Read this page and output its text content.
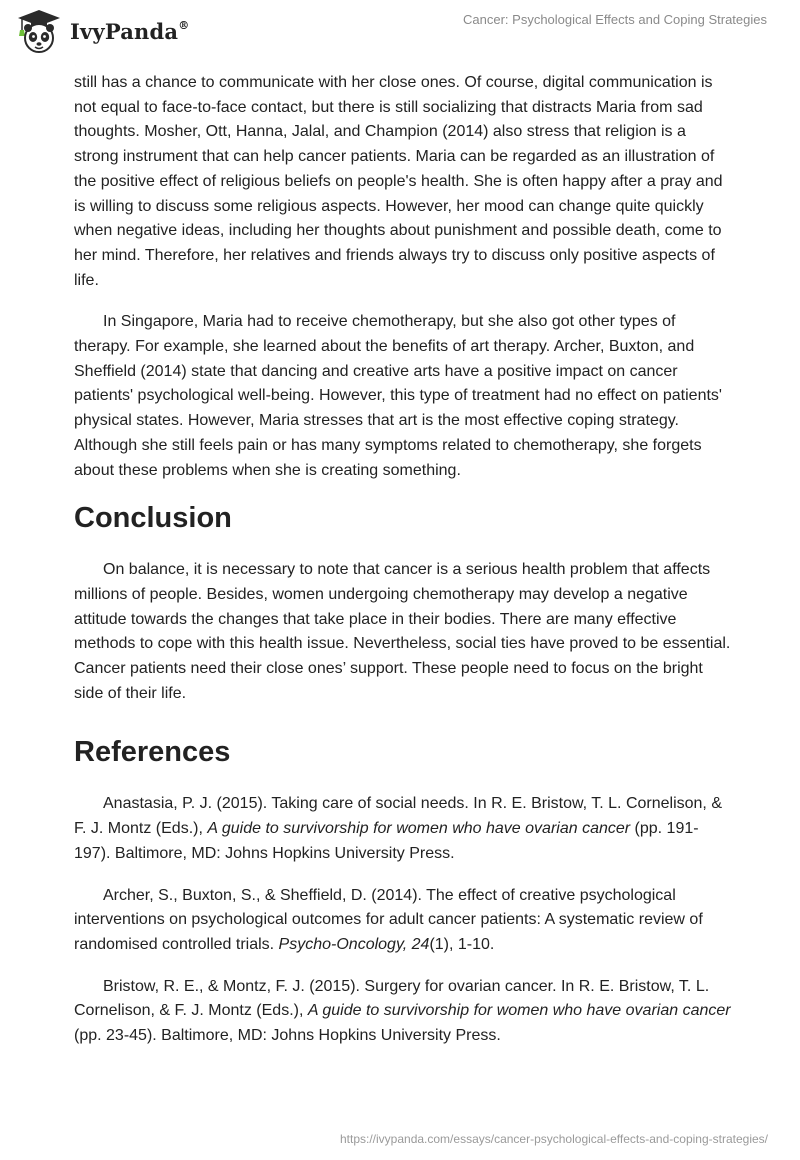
IvyPanda®	Cancer: Psychological Effects and Coping Strategies

still has a chance to communicate with her close ones. Of course, digital communication is not equal to face-to-face contact, but there is still socializing that distracts Maria from sad thoughts. Mosher, Ott, Hanna, Jalal, and Champion (2014) also stress that religion is a strong instrument that can help cancer patients. Maria can be regarded as an illustration of the positive effect of religious beliefs on people's health. She is often happy after a pray and is willing to discuss some religious aspects. However, her mood can change quite quickly when negative ideas, including her thoughts about punishment and possible death, come to her mind. Therefore, her relatives and friends always try to discuss only positive aspects of life.

In Singapore, Maria had to receive chemotherapy, but she also got other types of therapy. For example, she learned about the benefits of art therapy. Archer, Buxton, and Sheffield (2014) state that dancing and creative arts have a positive impact on cancer patients' psychological well-being. However, this type of treatment had no effect on patients' physical states. However, Maria stresses that art is the most effective coping strategy. Although she still feels pain or has many symptoms related to chemotherapy, she forgets about these problems when she is creating something.

Conclusion

On balance, it is necessary to note that cancer is a serious health problem that affects millions of people. Besides, women undergoing chemotherapy may develop a negative attitude towards the changes that take place in their bodies. There are many effective methods to cope with this health issue. Nevertheless, social ties have proved to be essential. Cancer patients need their close ones’ support. These people need to focus on the bright side of their life.

References

Anastasia, P. J. (2015). Taking care of social needs. In R. E. Bristow, T. L. Cornelison, & F. J. Montz (Eds.), A guide to survivorship for women who have ovarian cancer (pp. 191-197). Baltimore, MD: Johns Hopkins University Press.

Archer, S., Buxton, S., & Sheffield, D. (2014). The effect of creative psychological interventions on psychological outcomes for adult cancer patients: A systematic review of randomised controlled trials. Psycho-Oncology, 24(1), 1-10.

Bristow, R. E., & Montz, F. J. (2015). Surgery for ovarian cancer. In R. E. Bristow, T. L. Cornelison, & F. J. Montz (Eds.), A guide to survivorship for women who have ovarian cancer (pp. 23-45). Baltimore, MD: Johns Hopkins University Press.

https://ivypanda.com/essays/cancer-psychological-effects-and-coping-strategies/
